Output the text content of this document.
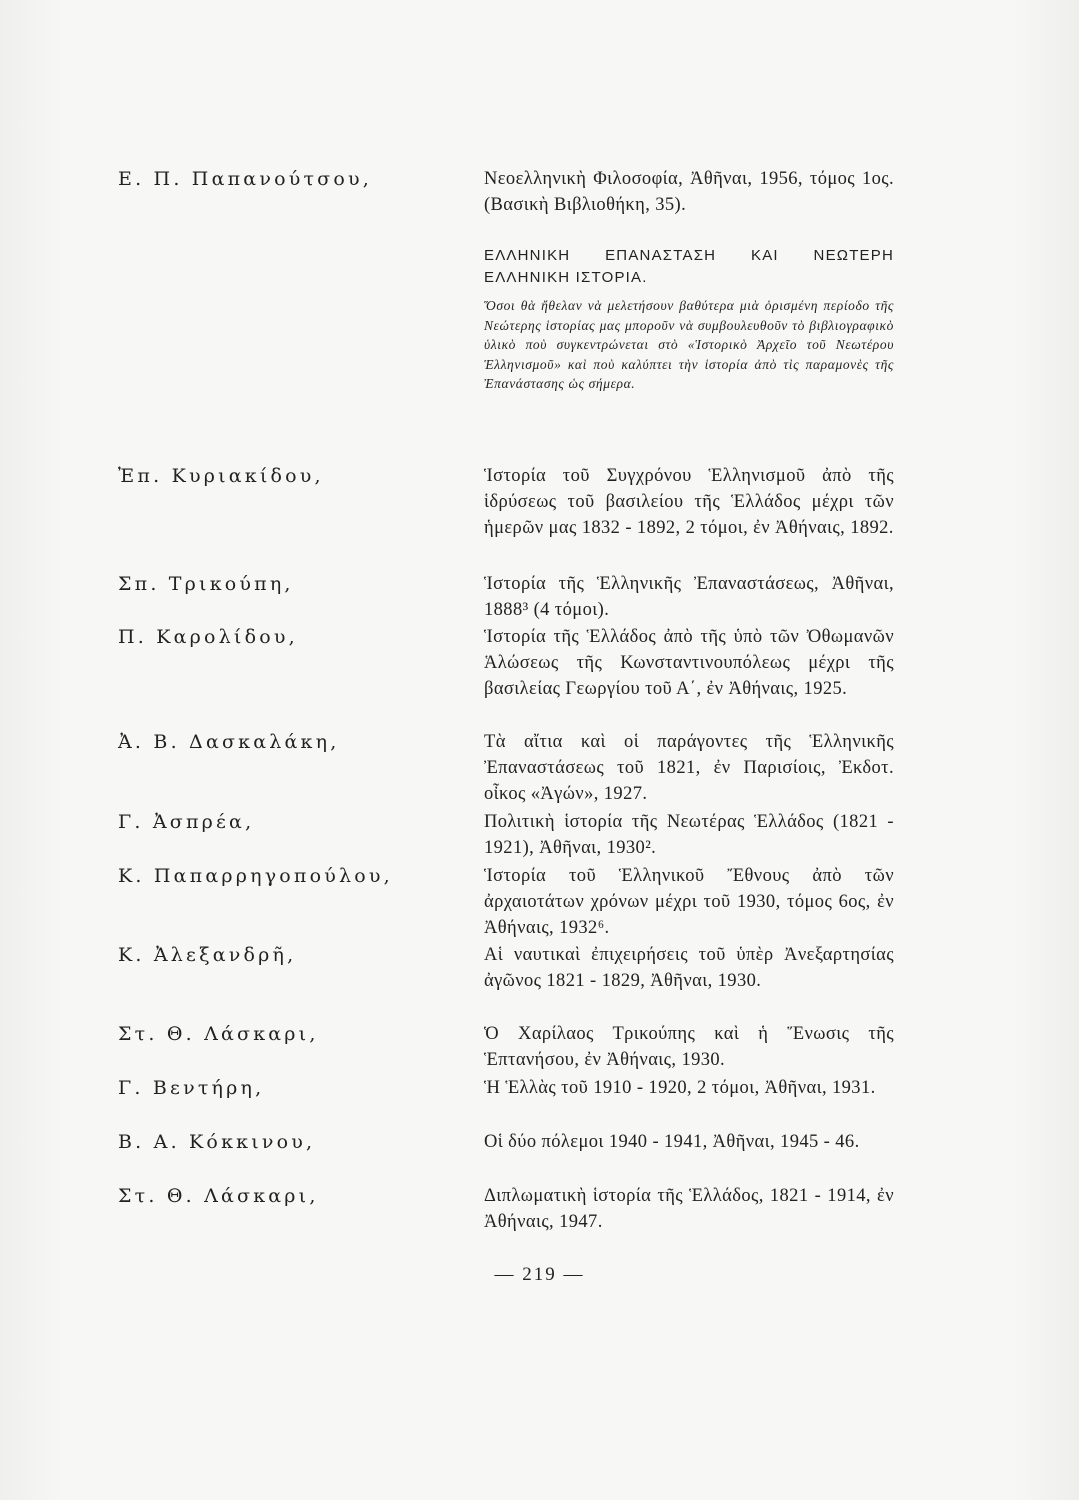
Ε. Π. Παπανούτσου,	Νεοελληνικὴ Φιλοσοφία, Ἀθῆναι, 1956, τόμος 1ος. (Βασικὴ Βιβλιοθήκη, 35).
ΕΛΛΗΝΙΚΗ ΕΠΑΝΑΣΤΑΣΗ ΚΑΙ ΝΕΩΤΕΡΗ ΕΛΛΗΝΙΚΗ ΙΣΤΟΡΙΑ.
Ὅσοι θὰ ἤθελαν νὰ μελετήσουν βαθύτερα μιὰ ὁρισμένη περίοδο τῆς Νεώτερης ἱστορίας μας μποροῦν νὰ συμβουλευθοῦν τὸ βιβλιογραφικὸ ὑλικὸ ποὺ συγκεντρώνεται στὸ «Ἱστορικὸ Ἀρχεῖο τοῦ Νεωτέρου Ἑλληνισμοῦ» καὶ ποὺ καλύπτει τὴν ἱστορία ἀπὸ τὶς παραμονὲς τῆς Ἐπανάστασης ὡς σήμερα.
Ἐπ. Κυριακίδου,	Ἱστορία τοῦ Συγχρόνου Ἑλληνισμοῦ ἀπὸ τῆς ἱδρύσεως τοῦ βασιλείου τῆς Ἑλλάδος μέχρι τῶν ἡμερῶν μας 1832 - 1892, 2 τόμοι, ἐν Ἀθήναις, 1892.
Σπ. Τρικούπη,	Ἱστορία τῆς Ἑλληνικῆς Ἐπαναστάσεως, Ἀθῆναι, 1888³ (4 τόμοι).
Π. Καρολίδου,	Ἱστορία τῆς Ἑλλάδος ἀπὸ τῆς ὑπὸ τῶν Ὀθωμανῶν Ἁλώσεως τῆς Κωνσταντινουπόλεως μέχρι τῆς βασιλείας Γεωργίου τοῦ Α΄, ἐν Ἀθήναις, 1925.
Ἀ. Β. Δασκαλάκη,	Τὰ αἴτια καὶ οἱ παράγοντες τῆς Ἑλληνικῆς Ἐπαναστάσεως τοῦ 1821, ἐν Παρισίοις, Ἐκδοτ. οἶκος «Ἀγών», 1927.
Γ. Ἀσπρέα,	Πολιτικὴ ἱστορία τῆς Νεωτέρας Ἑλλάδος (1821 - 1921), Ἀθῆναι, 1930².
Κ. Παπαρρηγοπούλου,	Ἱστορία τοῦ Ἑλληνικοῦ Ἔθνους ἀπὸ τῶν ἀρχαιοτάτων χρόνων μέχρι τοῦ 1930, τόμος 6ος, ἐν Ἀθήναις, 1932⁶.
Κ. Ἀλεξανδρῆ,	Αἱ ναυτικαὶ ἐπιχειρήσεις τοῦ ὑπὲρ Ἀνεξαρτησίας ἀγῶνος 1821 - 1829, Ἀθῆναι, 1930.
Στ. Θ. Λάσκαρι,	Ὁ Χαρίλαος Τρικούπης καὶ ἡ Ἕνωσις τῆς Ἑπτανήσου, ἐν Ἀθήναις, 1930.
Γ. Βεντήρη,	Ἡ Ἑλλὰς τοῦ 1910 - 1920, 2 τόμοι, Ἀθῆναι, 1931.
Β. Α. Κόκκινου,	Οἱ δύο πόλεμοι 1940 - 1941, Ἀθῆναι, 1945 - 46.
Στ. Θ. Λάσκαρι,	Διπλωματικὴ ἱστορία τῆς Ἑλλάδος, 1821 - 1914, ἐν Ἀθήναις, 1947.
— 219 —
